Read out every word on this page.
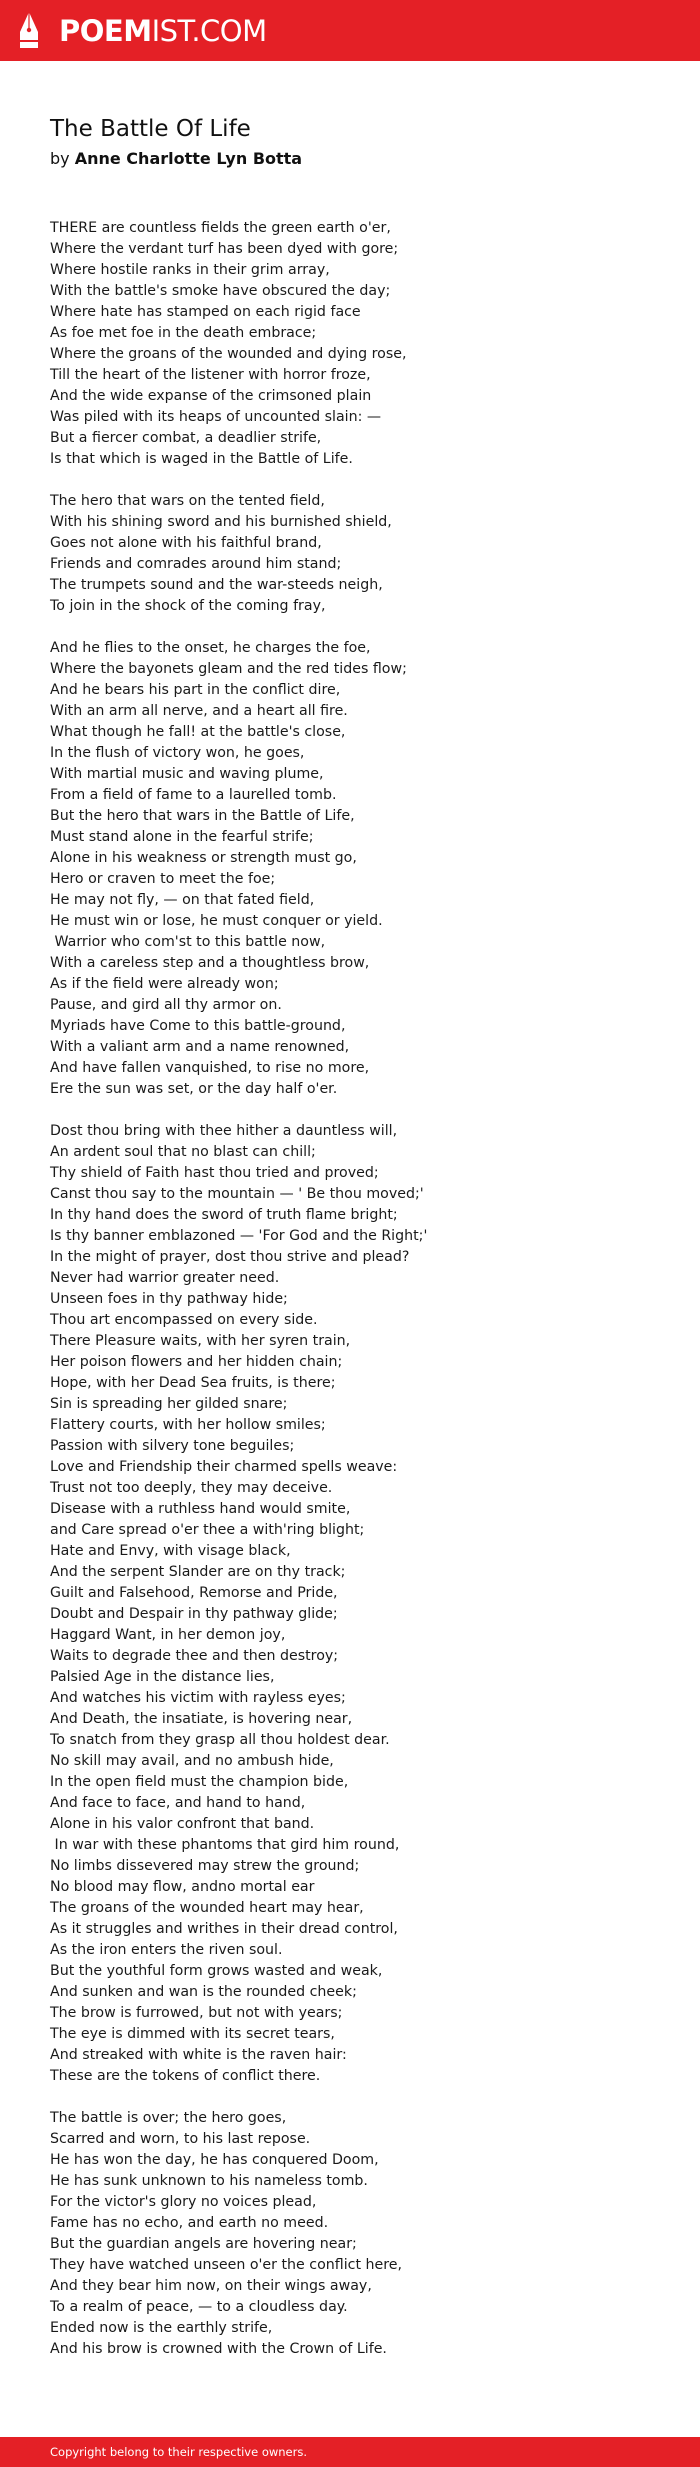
POEMIST.COM
The Battle Of Life
by Anne Charlotte Lyn Botta
THERE are countless fields the green earth o'er,
Where the verdant turf has been dyed with gore;
Where hostile ranks in their grim array,
With the battle's smoke have obscured the day;
Where hate has stamped on each rigid face
As foe met foe in the death embrace;
Where the groans of the wounded and dying rose,
Till the heart of the listener with horror froze,
And the wide expanse of the crimsoned plain
Was piled with its heaps of uncounted slain: —
But a fiercer combat, a deadlier strife,
Is that which is waged in the Battle of Life.
The hero that wars on the tented field,
With his shining sword and his burnished shield,
Goes not alone with his faithful brand,
Friends and comrades around him stand;
The trumpets sound and the war-steeds neigh,
To join in the shock of the coming fray,
And he flies to the onset, he charges the foe,
Where the bayonets gleam and the red tides flow;
And he bears his part in the conflict dire,
With an arm all nerve, and a heart all fire.
What though he fall! at the battle's close,
In the flush of victory won, he goes,
With martial music and waving plume,
From a field of fame to a laurelled tomb.
But the hero that wars in the Battle of Life,
Must stand alone in the fearful strife;
Alone in his weakness or strength must go,
Hero or craven to meet the foe;
He may not fly, — on that fated field,
He must win or lose, he must conquer or yield.
Warrior who com'st to this battle now,
With a careless step and a thoughtless brow,
As if the field were already won;
Pause, and gird all thy armor on.
Myriads have Come to this battle-ground,
With a valiant arm and a name renowned,
And have fallen vanquished, to rise no more,
Ere the sun was set, or the day half o'er.
Dost thou bring with thee hither a dauntless will,
An ardent soul that no blast can chill;
Thy shield of Faith hast thou tried and proved;
Canst thou say to the mountain — ' Be thou moved;'
In thy hand does the sword of truth flame bright;
Is thy banner emblazoned — 'For God and the Right;'
In the might of prayer, dost thou strive and plead?
Never had warrior greater need.
Unseen foes in thy pathway hide;
Thou art encompassed on every side.
There Pleasure waits, with her syren train,
Her poison flowers and her hidden chain;
Hope, with her Dead Sea fruits, is there;
Sin is spreading her gilded snare;
Flattery courts, with her hollow smiles;
Passion with silvery tone beguiles;
Love and Friendship their charmed spells weave:
Trust not too deeply, they may deceive.
Disease with a ruthless hand would smite,
and Care spread o'er thee a with'ring blight;
Hate and Envy, with visage black,
And the serpent Slander are on thy track;
Guilt and Falsehood, Remorse and Pride,
Doubt and Despair in thy pathway glide;
Haggard Want, in her demon joy,
Waits to degrade thee and then destroy;
Palsied Age in the distance lies,
And watches his victim with rayless eyes;
And Death, the insatiate, is hovering near,
To snatch from they grasp all thou holdest dear.
No skill may avail, and no ambush hide,
In the open field must the champion bide,
And face to face, and hand to hand,
Alone in his valor confront that band.
In war with these phantoms that gird him round,
No limbs dissevered may strew the ground;
No blood may flow, andno mortal ear
The groans of the wounded heart may hear,
As it struggles and writhes in their dread control,
As the iron enters the riven soul.
But the youthful form grows wasted and weak,
And sunken and wan is the rounded cheek;
The brow is furrowed, but not with years;
The eye is dimmed with its secret tears,
And streaked with white is the raven hair:
These are the tokens of conflict there.
The battle is over; the hero goes,
Scarred and worn, to his last repose.
He has won the day, he has conquered Doom,
He has sunk unknown to his nameless tomb.
For the victor's glory no voices plead,
Fame has no echo, and earth no meed.
But the guardian angels are hovering near;
They have watched unseen o'er the conflict here,
And they bear him now, on their wings away,
To a realm of peace, — to a cloudless day.
Ended now is the earthly strife,
And his brow is crowned with the Crown of Life.
Copyright belong to their respective owners.
